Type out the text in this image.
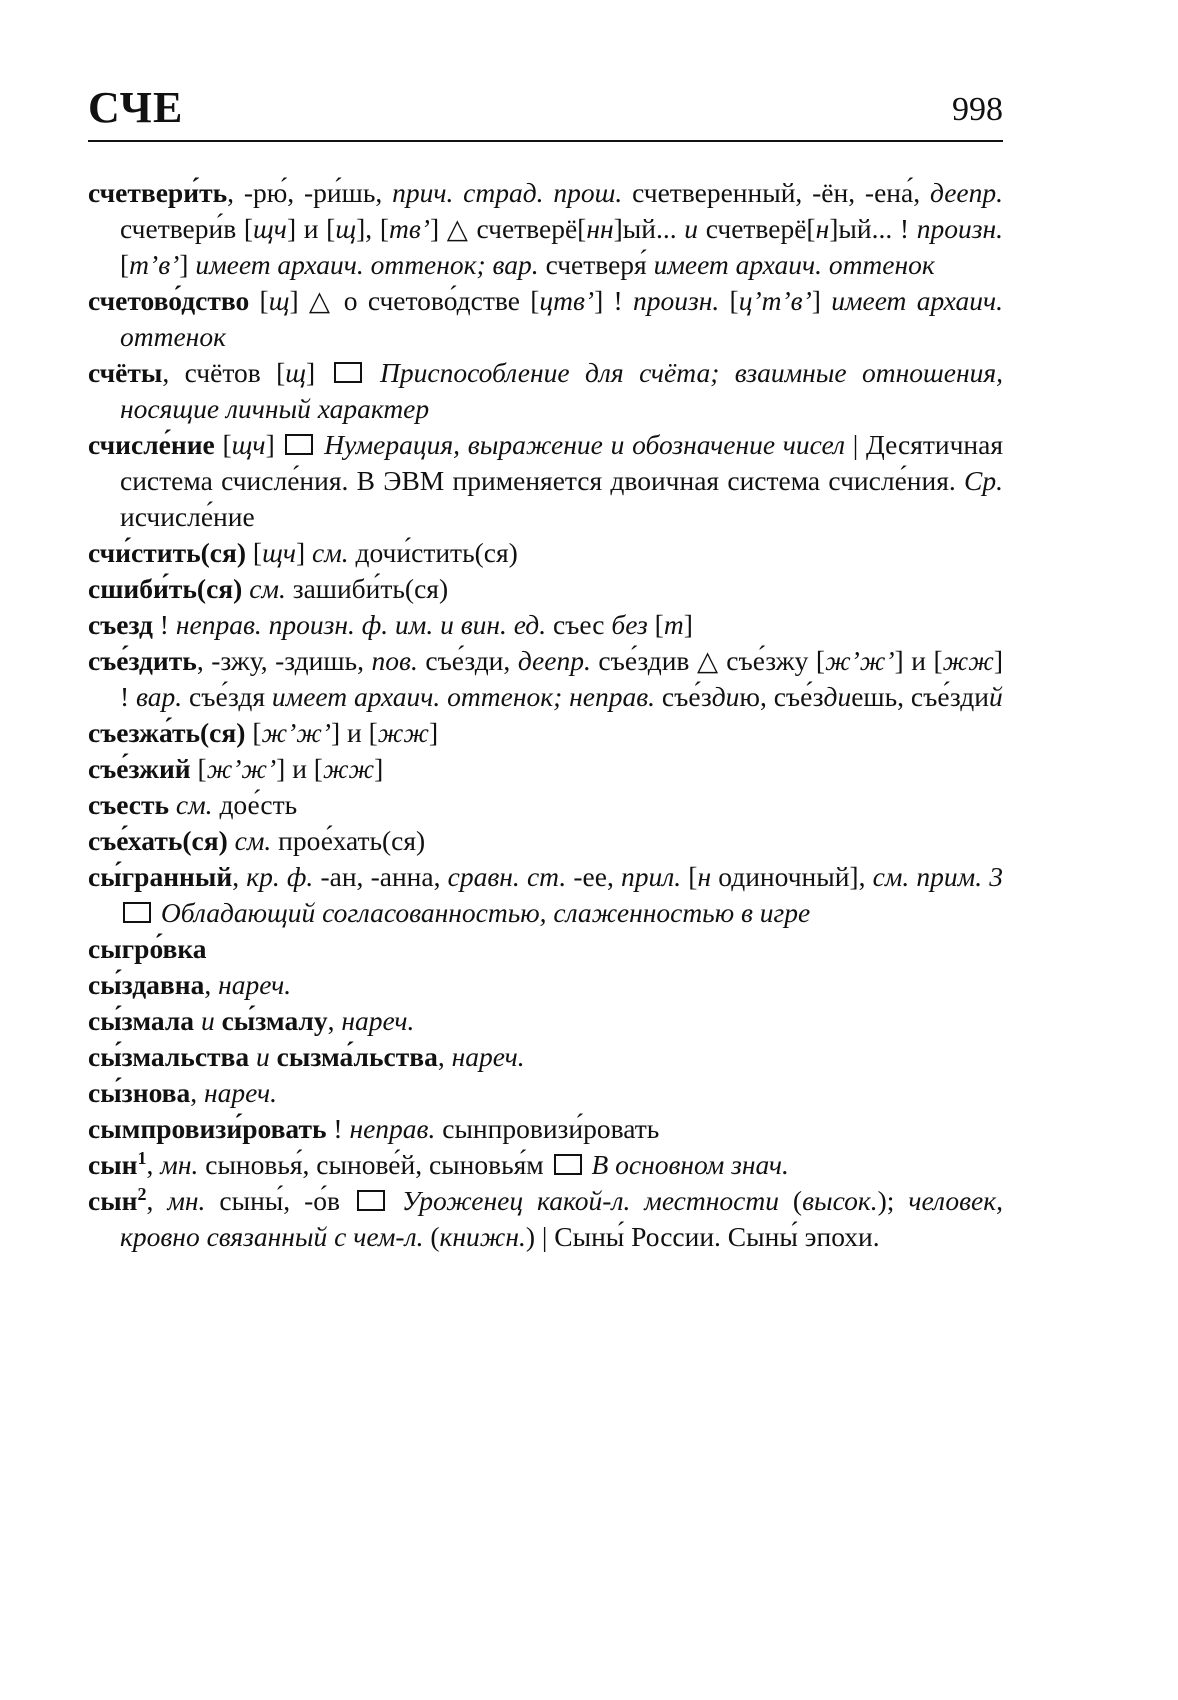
СЧЕ	998

счетвери́ть, -рю́, -ри́шь, прич. страд. прош. счетверенный, -ён, -ена́, деепр. счетвери́в [щч] и [щ], [тв’] △ счетверё[нн]ый... и счетверё[н]ый... ! произн. [т’в’] имеет архаич. оттенок; вар. счетверя́ имеет архаич. оттенок

счетово́дство [щ] △ о счетово́дстве [цтв’] ! произн. [ц’т’в’] имеет архаич. оттенок

счёты, счётов [щ]  Приспособление для счёта; взаимные отношения, носящие личный характер

счисле́ние [щч]  Нумерация, выражение и обозначение чисел | Десятичная система счисле́ния. В ЭВМ применяется двоичная система счисле́ния. Ср. исчисле́ние

счи́стить(ся) [щч] см. дочи́стить(ся)

сшиби́ть(ся) см. зашиби́ть(ся)

съезд ! неправ. произн. ф. им. и вин. ед. съес без [т]

съе́здить, -зжу, -здишь, пов. съе́зди, деепр. съе́здив △ съе́зжу [ж’ж’] и [жж] ! вар. съе́здя имеет архаич. оттенок; неправ. съе́здию, съе́здиешь, съе́здий

съезжа́ть(ся) [ж’ж’] и [жж]

съе́зжий [ж’ж’] и [жж]

съесть см. дое́сть

съе́хать(ся) см. прое́хать(ся)

сы́гранный, кр. ф. -ан, -анна, сравн. ст. -ее, прил. [н одиночный], см. прим. 3  Обладающий согласованностью, слаженностью в игре

сыгро́вка

сы́здавна, нареч.

сы́змала и сы́змалу, нареч.

сы́змальства и сызма́льства, нареч.

сы́знова, нареч.

сымпровизи́ровать ! неправ. сынпровизи́ровать

сын$^1$, мн. сыновья́, сынове́й, сыновья́м  В основном знач.

сын$^2$, мн. сыны́, -о́в  Уроженец какой-л. местности (высок.); человек, кровно связанный с чем-л. (книжн.) | Сыны́ России. Сыны́ эпохи.
